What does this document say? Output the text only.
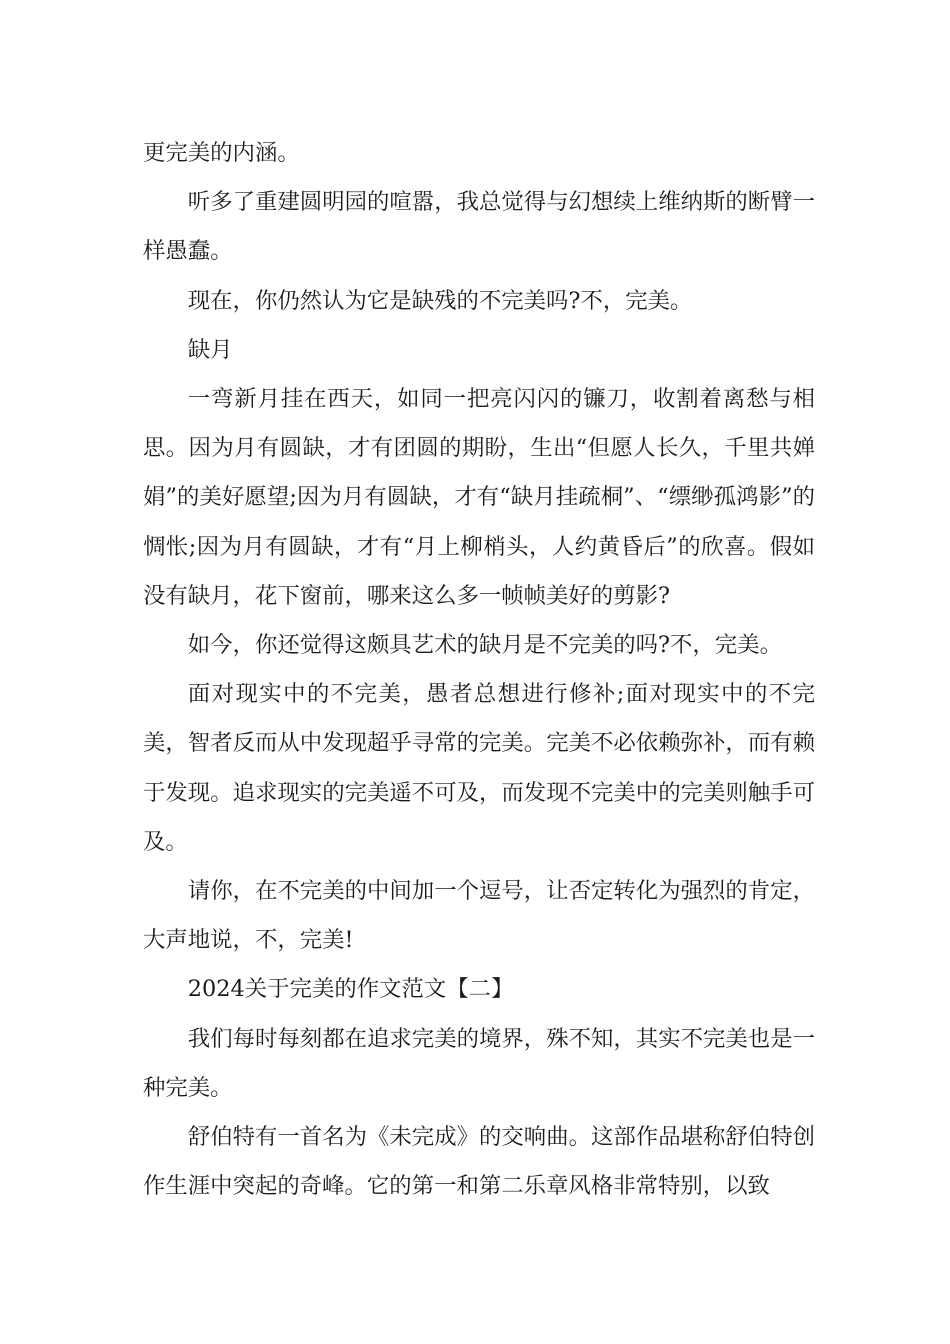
更完美的内涵。

听多了重建圆明园的喧嚣，我总觉得与幻想续上维纳斯的断臂一样愚蠢。

现在，你仍然认为它是缺残的不完美吗?不，完美。

缺月

一弯新月挂在西天，如同一把亮闪闪的镰刀，收割着离愁与相思。因为月有圆缺，才有团圆的期盼，生出“但愿人长久，千里共婵娟”的美好愿望;因为月有圆缺，才有“缺月挂疏桐”、“缥缈孤鸿影”的惆怅;因为月有圆缺，才有“月上柳梢头，人约黄昏后”的欣喜。假如没有缺月，花下窗前，哪来这么多一帧帧美好的剪影?

如今，你还觉得这颇具艺术的缺月是不完美的吗?不，完美。

面对现实中的不完美，愚者总想进行修补;面对现实中的不完美，智者反而从中发现超乎寻常的完美。完美不必依赖弥补，而有赖于发现。追求现实的完美遥不可及，而发现不完美中的完美则触手可及。

请你，在不完美的中间加一个逗号，让否定转化为强烈的肯定，大声地说，不，完美!

2024关于完美的作文范文【二】

我们每时每刻都在追求完美的境界，殊不知，其实不完美也是一种完美。

舒伯特有一首名为《未完成》的交响曲。这部作品堪称舒伯特创作生涯中突起的奇峰。它的第一和第二乐章风格非常特别，以致
